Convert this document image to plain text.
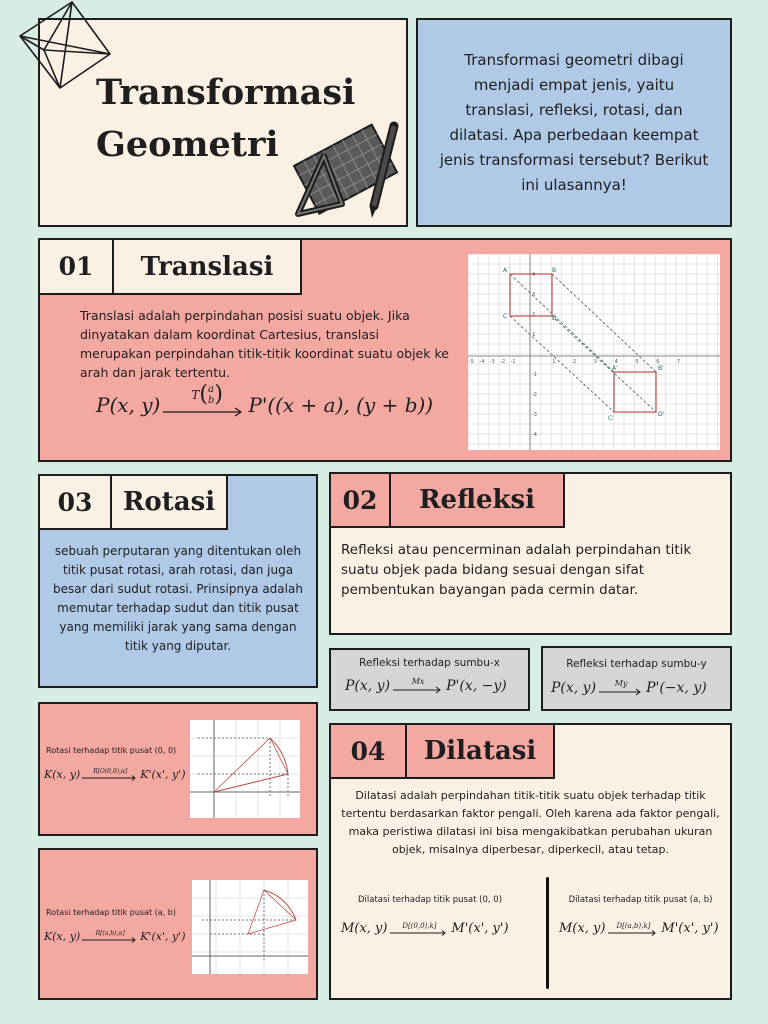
Transformasi
Geometri

Transformasi geometri dibagi menjadi empat jenis, yaitu translasi, refleksi, rotasi, dan dilatasi. Apa perbedaan keempat jenis transformasi tersebut? Berikut ini ulasannya!

01	Translasi

Translasi adalah perpindahan posisi suatu objek. Jika dinyatakan dalam koordinat Cartesius, translasi merupakan perpindahan titik-titik koordinat suatu objek ke arah dan jarak tertentu.

P(x, y)	T ( a
b ) P'((x + a), (y + b))
A	B
C	D
A'	B'
C'
D'
-5 -4 -3 -2 -1	1	2	3	4	5	6	7
4
3
2
1
-1
-2
-3
-4
03	Rotasi

sebuah perputaran yang ditentukan oleh titik pusat rotasi, arah rotasi, dan juga besar dari sudut rotasi. Prinsipnya adalah memutar terhadap sudut dan titik pusat yang memiliki jarak yang sama dengan titik yang diputar.

02	Refleksi

Refleksi atau pencerminan adalah perpindahan titik suatu objek pada bidang sesuai dengan sifat pembentukan bayangan pada cermin datar.

Refleksi terhadap sumbu-x
P(x, y)	Mx P'(x, −y)
Refleksi terhadap sumbu-y
P(x, y) My P'(−x, y)
Rotasi terhadap titik pusat (0, 0)
K(x, y) R[O(0,0),α] K'(x', y')
Rotasi terhadap titik pusat (a, b)
K(x, y)	R[(a,b),α] K'(x', y')
04	Dilatasi

Dilatasi adalah perpindahan titik-titik suatu objek terhadap titik tertentu berdasarkan faktor pengali. Oleh karena ada faktor pengali, maka peristiwa dilatasi ini bisa mengakibatkan perubahan ukuran objek, misalnya diperbesar, diperkecil, atau tetap.

Dilatasi terhadap titik pusat (0, 0)
M(x, y) D[(0,0),k] M'(x', y')
Dilatasi terhadap titik pusat (a, b)
M(x, y) D[(a,b),k] M'(x', y')
